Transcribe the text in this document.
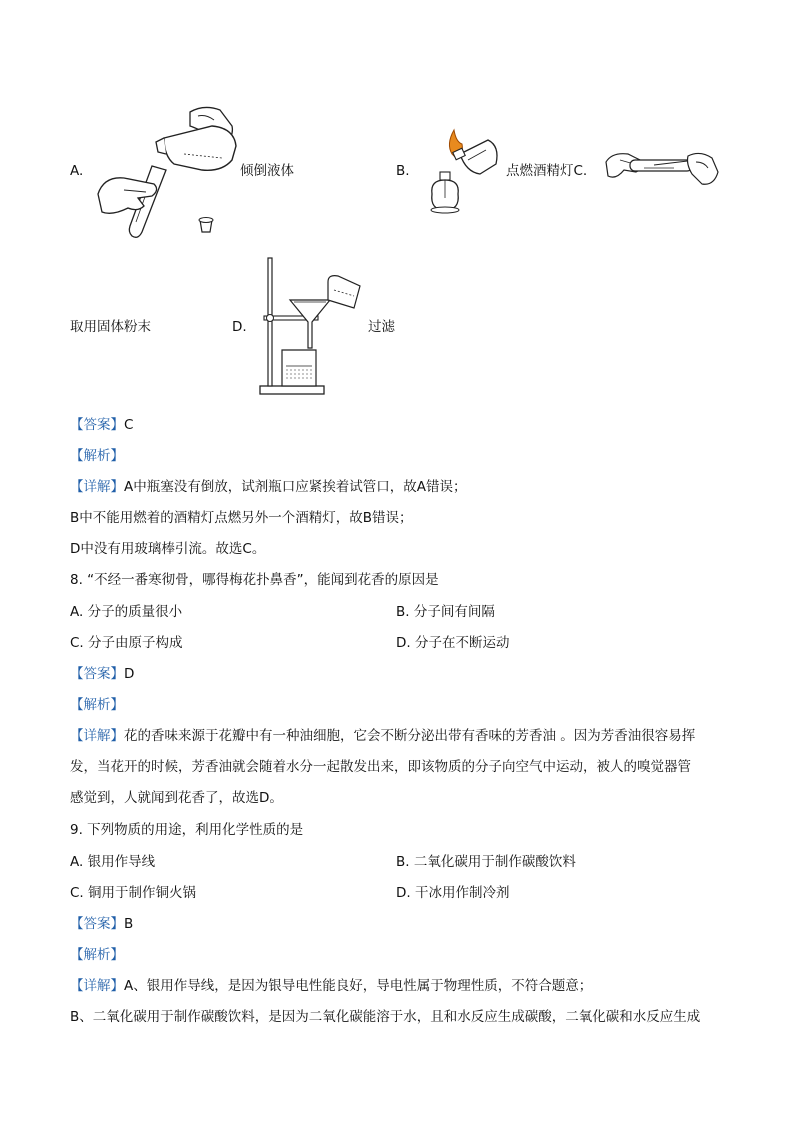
A.	倾倒液体	B.	点燃酒精灯C.
取用固体粉末	D.	过滤
【答案】C
【解析】
【详解】A中瓶塞没有倒放，试剂瓶口应紧挨着试管口，故A错误；
B中不能用燃着的酒精灯点燃另外一个酒精灯，故B错误；
D中没有用玻璃棒引流。故选C。
8. “不经一番寒彻骨，哪得梅花扑鼻香”，能闻到花香的原因是
A. 分子的质量很小	B. 分子间有间隔
C. 分子由原子构成	D. 分子在不断运动
【答案】D
【解析】
【详解】花的香味来源于花瓣中有一种油细胞，它会不断分泌出带有香味的芳香油 。因为芳香油很容易挥
发，当花开的时候，芳香油就会随着水分一起散发出来，即该物质的分子向空气中运动，被人的嗅觉器管
感觉到，人就闻到花香了，故选D。
9. 下列物质的用途，利用化学性质的是
A. 银用作导线	B. 二氧化碳用于制作碳酸饮料
C. 铜用于制作铜火锅	D. 干冰用作制冷剂
【答案】B
【解析】
【详解】A、银用作导线，是因为银导电性能良好，导电性属于物理性质，不符合题意；
B、二氧化碳用于制作碳酸饮料，是因为二氧化碳能溶于水，且和水反应生成碳酸，二氧化碳和水反应生成
